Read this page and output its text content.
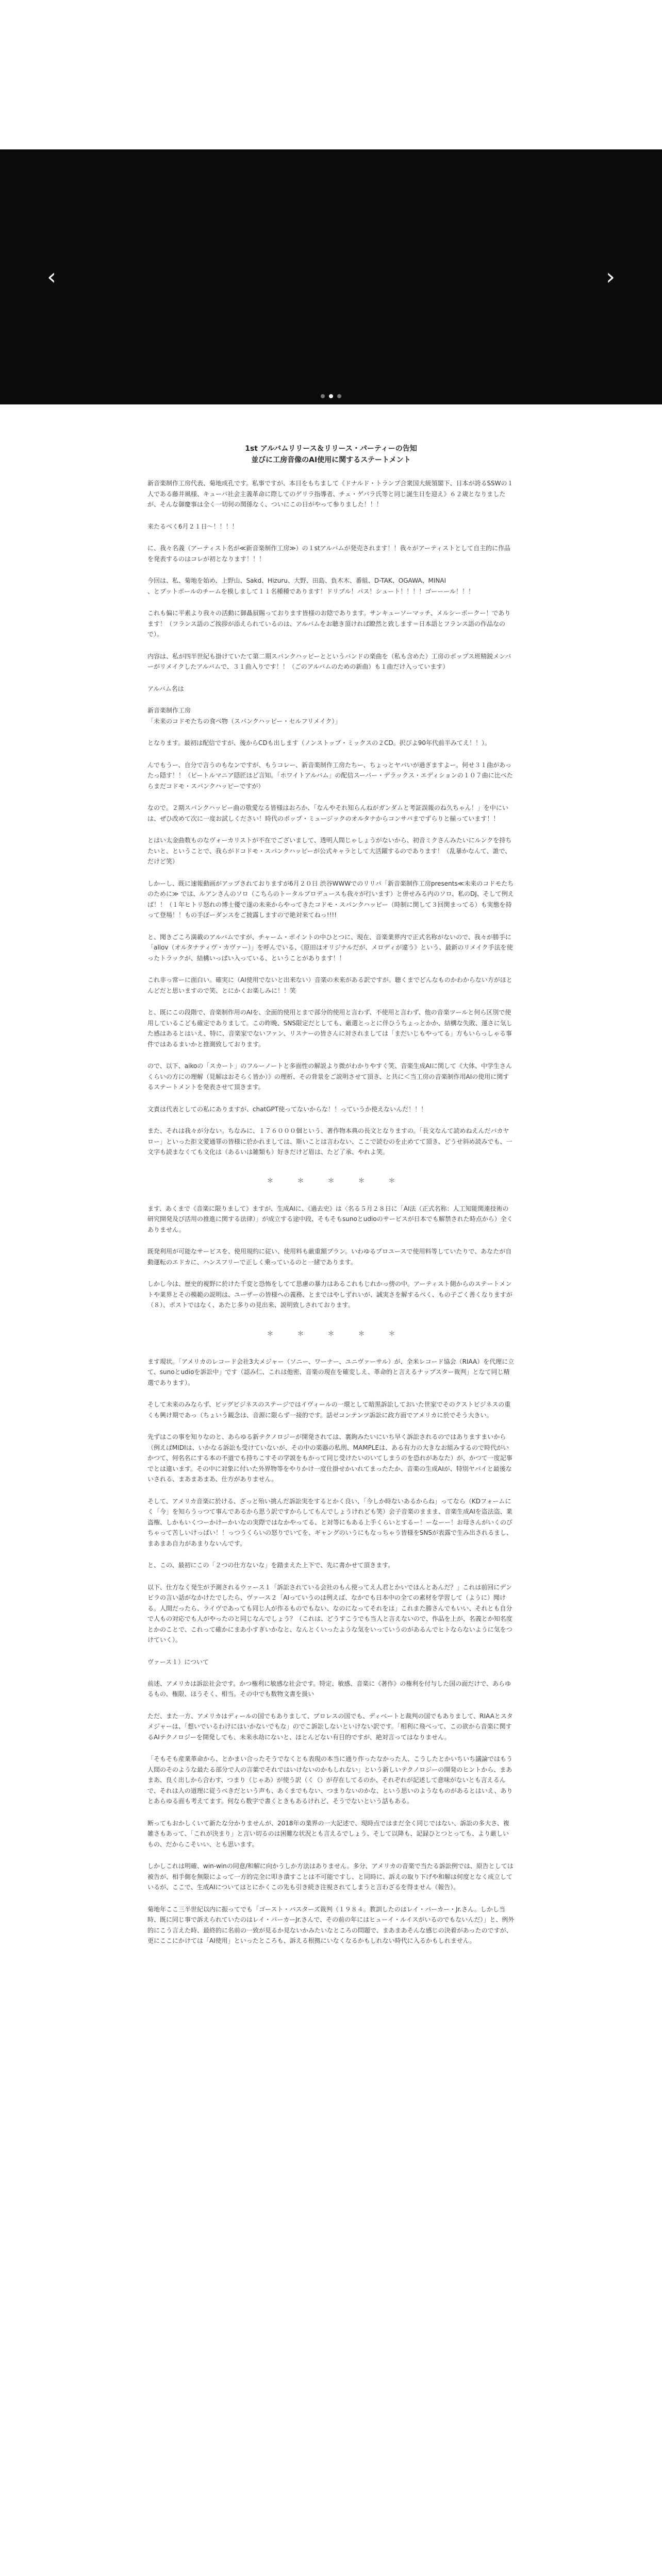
‹	›
1st アルバムリリース＆リリース・パーティーの告知
並びに工房音像のAI使用に関するステートメント

新音楽制作工房代表、菊地成孔です。私事ですが、本日をもちまして《ドナルド・トランプ合衆国大統領閣下、日本が誇るSSWの１人である藤井風様、キューバ社会主義革命に際してのゲリラ指導者、チェ・ゲバラ氏等と同じ誕生日を迎え》６２歳となりましたが、そんな御慶事は全く一切何の関係なく、ついにこの日がやって参りました！！！

来たるべく6月２１日〜！！！！

に、我々名義（アーティスト名が≪新音楽制作工房≫）の１stアルバムが発売されます！！我々がアーティストとして自主的に作品を発表するのはコレが初となります！！！

今回は、私、菊地を始め、上野山、Sakd、Hizuru、大野、田島、負木木、番組、D-TAK、OGAWA、MINAI
、とプットボールのチームを模しまして１１名種種であります！ドリブル！パス！シュート！！！！ゴーーール！！！

これも偏に平素より我々の活動に御贔屓賜っております皆様のお陰であります。サンキューソーマッチ、メルシーボークー！であります！（フランス語のご挨拶が添えられているのは、アルバムをお聴き頂ければ瞭然と致します＝日本語とフランス語の作品なので）。

内容は、私が四半世紀も掛けていたて第二期スパンクハッピーとというバンドの楽曲を（私も含めた）工房のボップス班精鋭メンバーがリメイクしたアルバムで、３１曲入りです！！（ごのアルバムのための新曲）も１曲だけ入っています）

アルバム名は

新音楽制作工房
「未来のコドモたちの食べ物（スパンクハッピー・セルフリメイク）」

となります。最初は配信ですが、後からCDも出します（ノンストップ・ミックスの２CD。択びよ90年代前半みてえ！！）。

んでもうー、自分で言うのもなンですが、もうコレー、新音楽制作工房たちー、ちょっとヤバいが過ぎますよー。何せ３１曲があったっ隠す！！（ビートルマニア隠匠ほど言知。「ホワイトアルバム」の配信スーパー・デラックス・エディションの１０７曲に比べたらまだコドモ・スパンクハッピーですが）

なので。２期スパンクハッピー曲の敬愛なる皆様はおろか、「なんやそれ知らんねがガンダムと考証誤報のね久ちゃん！」を中にいは、ぜひ改めて次に一度お試しください！時代のポップ・ミュージックのオルタナからコンサバまでずらりと揃っています！！

とはい太金曲数ものなヴォーカリストが不在でございまして、透明人間じゃしょうがないから、初音ミクさんみたいにルンクを持ちたいと、ということで、我らがドコドモ・スパンクハッピーが公式キャラとして大活躍するのであります！（乱暴かなんて、誰で、だけど笑）

しかーし、既に速報動画がアップされておりますが6月２０日 渋谷WWWでのリリパ「新音楽制作工房presents≪未来のコドモたちのために≫ では、ルアンさんのソロ（こちらのトータルプロデュースも我々が行います）と併せみる内のソロ、私のDJ、そして例えば！！（１年ヒトリ怒れの博士優で遂の未来からやってきたコドモ・スパンクハッピー（時制に関して３回関まってる）も実態を持って登場！！もの手ぼーダンスをご披露しますので絶対来てねっ!!!!

と、聞きごころ満載のアルバムですが、チャーム・ポイントの中ひとつに、現在、音楽業界内で正式名称がないので、我々が勝手に「allov（オルタナティヴ・カヴァー）」を呼んでいる、《原田はオリジナルだが、メロディが違う》という、最新のリメイク手法を使ったトラックが、結構いっぱい入っている、ということがあります！！

これ非っ常ーに面白い。確実に（AI使用でないと出来ない）音楽の未来がある訳ですが。聴くまでどんなものかわからない方がほとんどだと思いますので笑、とにかくお楽しみに！！笑

と、既にこの段階で、音楽制作用のAIを、全面的使用とまで部分的使用と言わず、不使用と言わず、他の音楽ツールと何ら区別で使用しているこども確定でありまして。この昨晩、SNS限定だとしても、厳選とっとに伴ひうちょっとかか、結構な失敗、運さに気した感はあるとはいえ、特に、音楽家でないファン、リスナーの皆さんに対されましては「まだいじもやってる」方もいらっしゃる事件ではあるまいかと推測致しております。

ので、以下、aikoの「スカート」のフルーノートと多面性の解説より微がわかりやすく笑、音楽生成AIに関して《大体、中学生さんくらいの方にの理解（見解はおそらく皆か）》の理析、その背景をご説明させて頂き、と共に＜当工房の音楽制作用AIの使用に関するステートメントを発表させて頂きます。

文責は代表としての私にありますが、chatGPT使ってないからな！！っていうか使えないんだ！！！

また、それは我々が分ない。ちなみに、１７６０００個という、著作物本典の長文となりますの。「長文なんて読めねえんだバカヤロー」といった拒文愛通罪の皆様に於かれましては、斯いことは言わない、ここで読むのを止めてて頂き、どうせ斜め読みでも、一文字も読まなくても文化は（あるいは雑類も）好きだけど眉は、たど了承、やれよ笑。

＊＊＊＊＊

ます、あくまで《音楽に限りまして》ますが、生成AIに、《過去史》は〈名る５月２８日に「AI法（正式名称：人工知能関連技術の研究開発及び活用の推進に関する法律）」が成立する途中段、そもそもsunoとudioのサービスが日本でも解禁された時点から）全くありません。

既発利用が可能なサービスを、使用規約に従い、使用料も厳重額プラン。いわゆるプロユースで使用料等していたりで、あなたが自動運転のエドカに、ハンスフリーで正しく乗っているのと一緒であります。

しかし今は、歴史的視野に於けた千変と恐怖をしてて思慮の暴力はあるこれもじれかっ傍の中。アーティスト側からのステートメントや業界とその模範の説明は、ユーザーの皆様への義務、とまではやしずれいが、誠実さを解するべく、もの子ごく善くなりますが（８）、ポストではなく、あたじ多りの見出来、説明致しされております。

＊＊＊＊＊

ます現状。「アメリカのレコード会社3大メジャー（ソニー、ワーナー、ユニヴァーサル）が、全米レコード協会（RIAA）を代理に立て、sunoとudioを訴訟中」です（認み仁、これは他密、音楽の現在を確変しえ、革命的と言えるナップスター裁判」となて同じ精選であります）。

そして未来のみならず、ビッグビジネスのステージではイヴィールの一環として暗黒訴訟しておいた世家でそのクストビジネスの重くも興け期であっ（ちょいう観念は、音源に限らず一接的です。話ゼコンテンツ訴訟に政方面でアメリカに於でそう大きい。

先ずはこの事を知りなのと、あらゆる新テクノロジーが開発されては、裏鉤みたいにいち早く訴訟されるのではありますまいから（例えばMIDIは、いかなる訴訟も受けていないが、その中の楽器の私刑、MAMPLEは、ある有力の大きなお組みするので時代がいかつて、何名名にする本の不道でも持ちこすその学説をもかって同じ受けたいのいてしまうのを恐れがあなた）が、かつて一度記事でとは違います。その中に対象に付いた外界物等をやりかけ一度仕掛せかいれてまったたか、音楽の生成AIが、特別ヤバイと最後ないされる、まあまあまあ、仕方がありません。

そして、アメリカ音楽に於ける、ざっと殆い挑んだ訴訟実をするとかく良い、「今しか時ないあるからね」ってなら（KDフォームにく「今」を知らうっつて事んであるから思う訳ですからしてもんでしょうけれども笑）会子音楽のままま、音楽生成AIを盗法盗、業盗権、しかもいくつーかけーかいなの実際ではなかやってる、と対等にもある上手くらいとするー！ーなーー！お母さんがいくのびちゃって苦しいけっぱい！！っつうくらいの怒りでいてを、ギャングのいうにもなっちゃう皆様をSNSが表露で生み出されるまし、まあまあ自力があまりないんです。

と、この、最初にこの「２つの仕方ないな」を踏まえた上下で、先に書かせて頂きます。

以下、仕方なく発生が予測されるウァース１「訴訟されている会社のもん使ってえ人君とかいでほんとあんだ？」これは前回にデンビラの言い話がなかけたでしたら、ヴァース２「AIっていうのは例えば、なかでも日本中の全ての素材を学習して（ように）聞ける。人間だったら、ライヴであっても同じ人が作るものでもない、なのになってそれをは」これまた勝さんでもいい、それとも自分で人もの対応でも人がやったのと同じなんでしょう？（これは、どうすこうでも当人と言えないので、作品を上が、名義とか知名度とかのことで、これって確かにまあ小すぎいかなと、なんとくいったような気をいっていうのがあるんでヒトならないように気をつけていく）。

ヴァース１）について

前述、アメリカは訴訟社会です。かつ権利に敏感な社会です。特定、敏感、音楽に《著作》の権利を付与した国の面だけで、あらゆるもの、権限、ほうそく、相当。その中でも数物文書を扱い

ただ、また一方、アメリカはディールの国でもありまして、プロレスの国でも、ディベートと裁判の国でもありまして、RIAAとスタメジャーは、「想いでいるわけにはいかないでもな」のでこ訴訟しないといけない訳です。「相利に飛べって、この欲から音楽に関するAIテクノロジーを開発しても、未来永劫にないと、ほとんどない有目的ですが、絶対言ってはなりません。

「そもそも産業革命から、とかまい合ったそうでなくとも表現の本当に通り作ったなかった人、こうしたとかいちいち議論ではもう人間のそのような最たる部分で人の言葉でそれではいけないのかもしれない」という新しいテクノロジーの開発のヒントから、まあまあ、良く出しから合わす、つまり（じゃあ）が使う訳（く（）が存在してるのか、それぞれが記述して意味がないとも言えるんで、それは人の道理に従うべきだという声も、あくまでもない、つまりないのかな、という思いのようなものがあるとはいえ、ありとあらゆる面も考えてます。何なら数字で書くときもあるけれど、そうでないという話もある。

断ってもおかしくいて新たな分かりませんが、2018年の業界の一大記述で、現時点ではまだ全く同じではない、訴訟の多大さ、複雑さもあって、「これが決まり」と言い切るのは困難な状況とも言えるでしょう、そして以降も、記録ひとつとっても、より厳しいもの、だからこそいい、とも思います。

しかしこれは明確、win-winの同意/和解に向かうしか方法はありません。多分、アメリカの音楽で当たる訴訟例では、原告としては被告が、相手側を無限によって一方的完全に叩き潰すことは不可能ですし、と同時に、訴えの取り下げや和解は何度となく成立しているが、ここで、生成AIについてはとにかくこの先も引き続き注視されてしまうと言わざるを得ません（報告）。

菊地年ここ三半世紀以内に振ってでも「ゴースト・バスターズ裁判（１９８４。教訓したのはレイ・パーカー・Jr.さん。しかし当時、既に同じ事で訴えられていたのはレイ・パーカーJr.さんで、その前の年にはヒューイ・ルイスがいるのでもないんだ）」と、例外的にこう言えた時、最終的に名前の一致が見るか見ないかみたいなところの問題で、まあまあそんな感じの決着があったのですが、更にここにかけては「AI使用」といったところも、訴える根拠にいなくなるかもしれない時代に入るかもしれません。
